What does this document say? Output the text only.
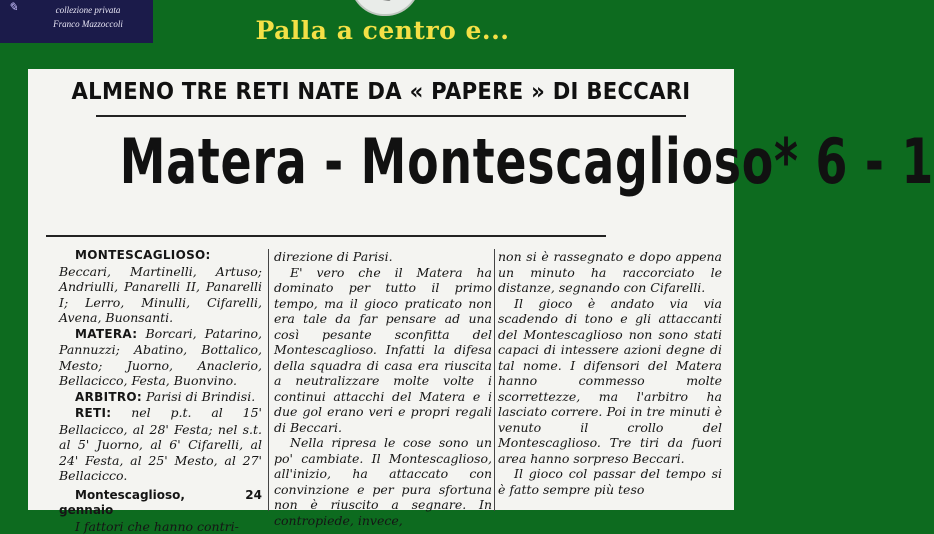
✎	collezione privata
Franco Mazzoccoli	Palla a centro e...
ALMENO TRE RETI NATE DA « PAPERE » DI BECCARI
Matera - Montescaglioso* 6 - 1

MONTESCAGLIOSO: Beccari, Martinelli, Artuso; Andriulli, Panarelli II, Panarelli I; Lerro, Minulli, Cifarelli, Avena, Buonsanti.

MATERA: Borcari, Patarino, Pannuzzi; Abatino, Bottalico, Mesto; Juorno, Anaclerio, Bellacicco, Festa, Buonvino.

ARBITRO: Parisi di Brindisi.

RETI: nel p.t. al 15' Bellacicco, al 28' Festa; nel s.t. al 5' Juorno, al 6' Cifarelli, al 24' Festa, al 25' Mesto, al 27' Bellacicco.

Montescaglioso, 24 gennaio

I fattori che hanno contri-

direzione di Parisi.

E' vero che il Matera ha dominato per tutto il primo tempo, ma il gioco praticato non era tale da far pensare ad una così pesante sconfitta del Montescaglioso. Infatti la difesa della squadra di casa era riuscita a neutralizzare molte volte i continui attacchi del Matera e i due gol erano veri e propri regali di Beccari.

Nella ripresa le cose sono un po' cambiate. Il Montescaglioso, all'inizio, ha attaccato con convinzione e per pura sfortuna non è riuscito a segnare. In contropiede, invece,

non si è rassegnato e dopo appena un minuto ha raccorciato le distanze, segnando con Cifarelli.

Il gioco è andato via via scadendo di tono e gli attaccanti del Montescaglioso non sono stati capaci di intessere azioni degne di tal nome. I difensori del Matera hanno commesso molte scorrettezze, ma l'arbitro ha lasciato correre. Poi in tre minuti è venuto il crollo del Montescaglioso. Tre tiri da fuori area hanno sorpreso Beccari.

Il gioco col passar del tempo si è fatto sempre più teso
